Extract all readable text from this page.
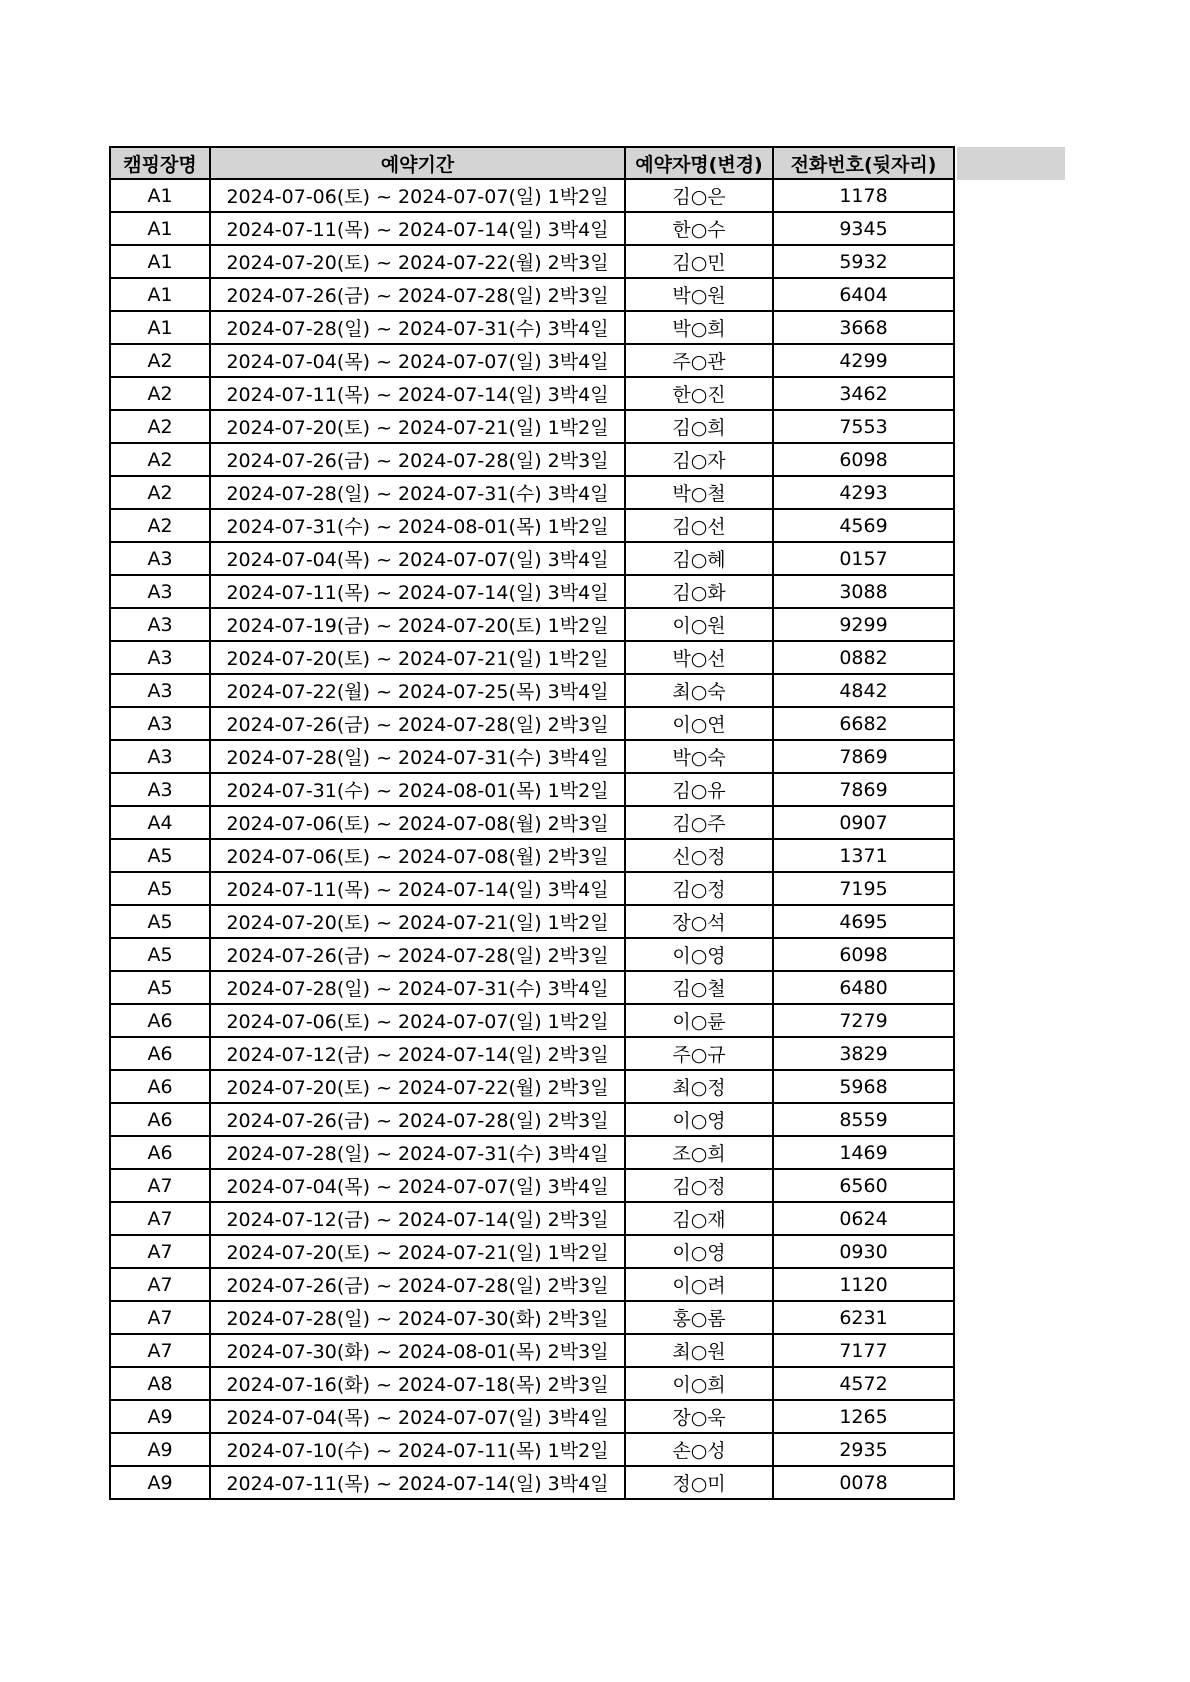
캠핑장명	예약기간	예약자명(변경)	전화번호(뒷자리)
A1	2024-07-06(토) ~ 2024-07-07(일) 1박2일	김○은	1178
A1	2024-07-11(목) ~ 2024-07-14(일) 3박4일	한○수	9345
A1	2024-07-20(토) ~ 2024-07-22(월) 2박3일	김○민	5932
A1	2024-07-26(금) ~ 2024-07-28(일) 2박3일	박○원	6404
A1	2024-07-28(일) ~ 2024-07-31(수) 3박4일	박○희	3668
A2	2024-07-04(목) ~ 2024-07-07(일) 3박4일	주○관	4299
A2	2024-07-11(목) ~ 2024-07-14(일) 3박4일	한○진	3462
A2	2024-07-20(토) ~ 2024-07-21(일) 1박2일	김○희	7553
A2	2024-07-26(금) ~ 2024-07-28(일) 2박3일	김○자	6098
A2	2024-07-28(일) ~ 2024-07-31(수) 3박4일	박○철	4293
A2	2024-07-31(수) ~ 2024-08-01(목) 1박2일	김○선	4569
A3	2024-07-04(목) ~ 2024-07-07(일) 3박4일	김○혜	0157
A3	2024-07-11(목) ~ 2024-07-14(일) 3박4일	김○화	3088
A3	2024-07-19(금) ~ 2024-07-20(토) 1박2일	이○원	9299
A3	2024-07-20(토) ~ 2024-07-21(일) 1박2일	박○선	0882
A3	2024-07-22(월) ~ 2024-07-25(목) 3박4일	최○숙	4842
A3	2024-07-26(금) ~ 2024-07-28(일) 2박3일	이○연	6682
A3	2024-07-28(일) ~ 2024-07-31(수) 3박4일	박○숙	7869
A3	2024-07-31(수) ~ 2024-08-01(목) 1박2일	김○유	7869
A4	2024-07-06(토) ~ 2024-07-08(월) 2박3일	김○주	0907
A5	2024-07-06(토) ~ 2024-07-08(월) 2박3일	신○정	1371
A5	2024-07-11(목) ~ 2024-07-14(일) 3박4일	김○정	7195
A5	2024-07-20(토) ~ 2024-07-21(일) 1박2일	장○석	4695
A5	2024-07-26(금) ~ 2024-07-28(일) 2박3일	이○영	6098
A5	2024-07-28(일) ~ 2024-07-31(수) 3박4일	김○철	6480
A6	2024-07-06(토) ~ 2024-07-07(일) 1박2일	이○륜	7279
A6	2024-07-12(금) ~ 2024-07-14(일) 2박3일	주○규	3829
A6	2024-07-20(토) ~ 2024-07-22(월) 2박3일	최○정	5968
A6	2024-07-26(금) ~ 2024-07-28(일) 2박3일	이○영	8559
A6	2024-07-28(일) ~ 2024-07-31(수) 3박4일	조○희	1469
A7	2024-07-04(목) ~ 2024-07-07(일) 3박4일	김○정	6560
A7	2024-07-12(금) ~ 2024-07-14(일) 2박3일	김○재	0624
A7	2024-07-20(토) ~ 2024-07-21(일) 1박2일	이○영	0930
A7	2024-07-26(금) ~ 2024-07-28(일) 2박3일	이○려	1120
A7	2024-07-28(일) ~ 2024-07-30(화) 2박3일	홍○롬	6231
A7	2024-07-30(화) ~ 2024-08-01(목) 2박3일	최○원	7177
A8	2024-07-16(화) ~ 2024-07-18(목) 2박3일	이○희	4572
A9	2024-07-04(목) ~ 2024-07-07(일) 3박4일	장○욱	1265
A9	2024-07-10(수) ~ 2024-07-11(목) 1박2일	손○성	2935
A9	2024-07-11(목) ~ 2024-07-14(일) 3박4일	정○미	0078
